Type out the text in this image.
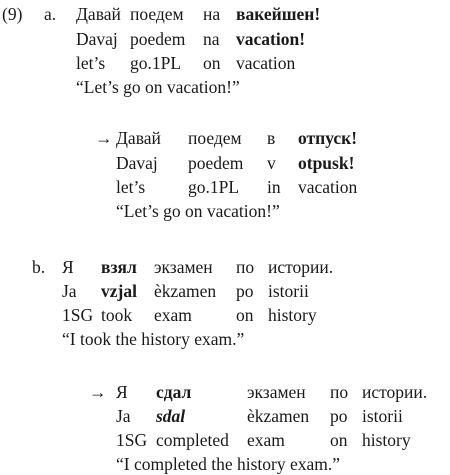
(9) a. Давай
Davaj
let’s
поедем
poedem
go.1PL
на
na
on
вакейшен!
vacation!
vacation
“Let’s go on vacation!”
→ Давай
Davaj
let’s
поедем
poedem
go.1PL
в
v
in
отпуск!
otpusk!
vacation
“Let’s go on vacation!”
b. Я
Ja
1SG
взял
vzjal
took
экзамен
èkzamen
exam
по
po
on
истории.
istorii
history
“I took the history exam.”
→ Я
Ja
1SG
сдал
sdal
completed
экзамен
èkzamen
exam
по
po
on
истории.
istorii
history
“I completed the history exam.”
